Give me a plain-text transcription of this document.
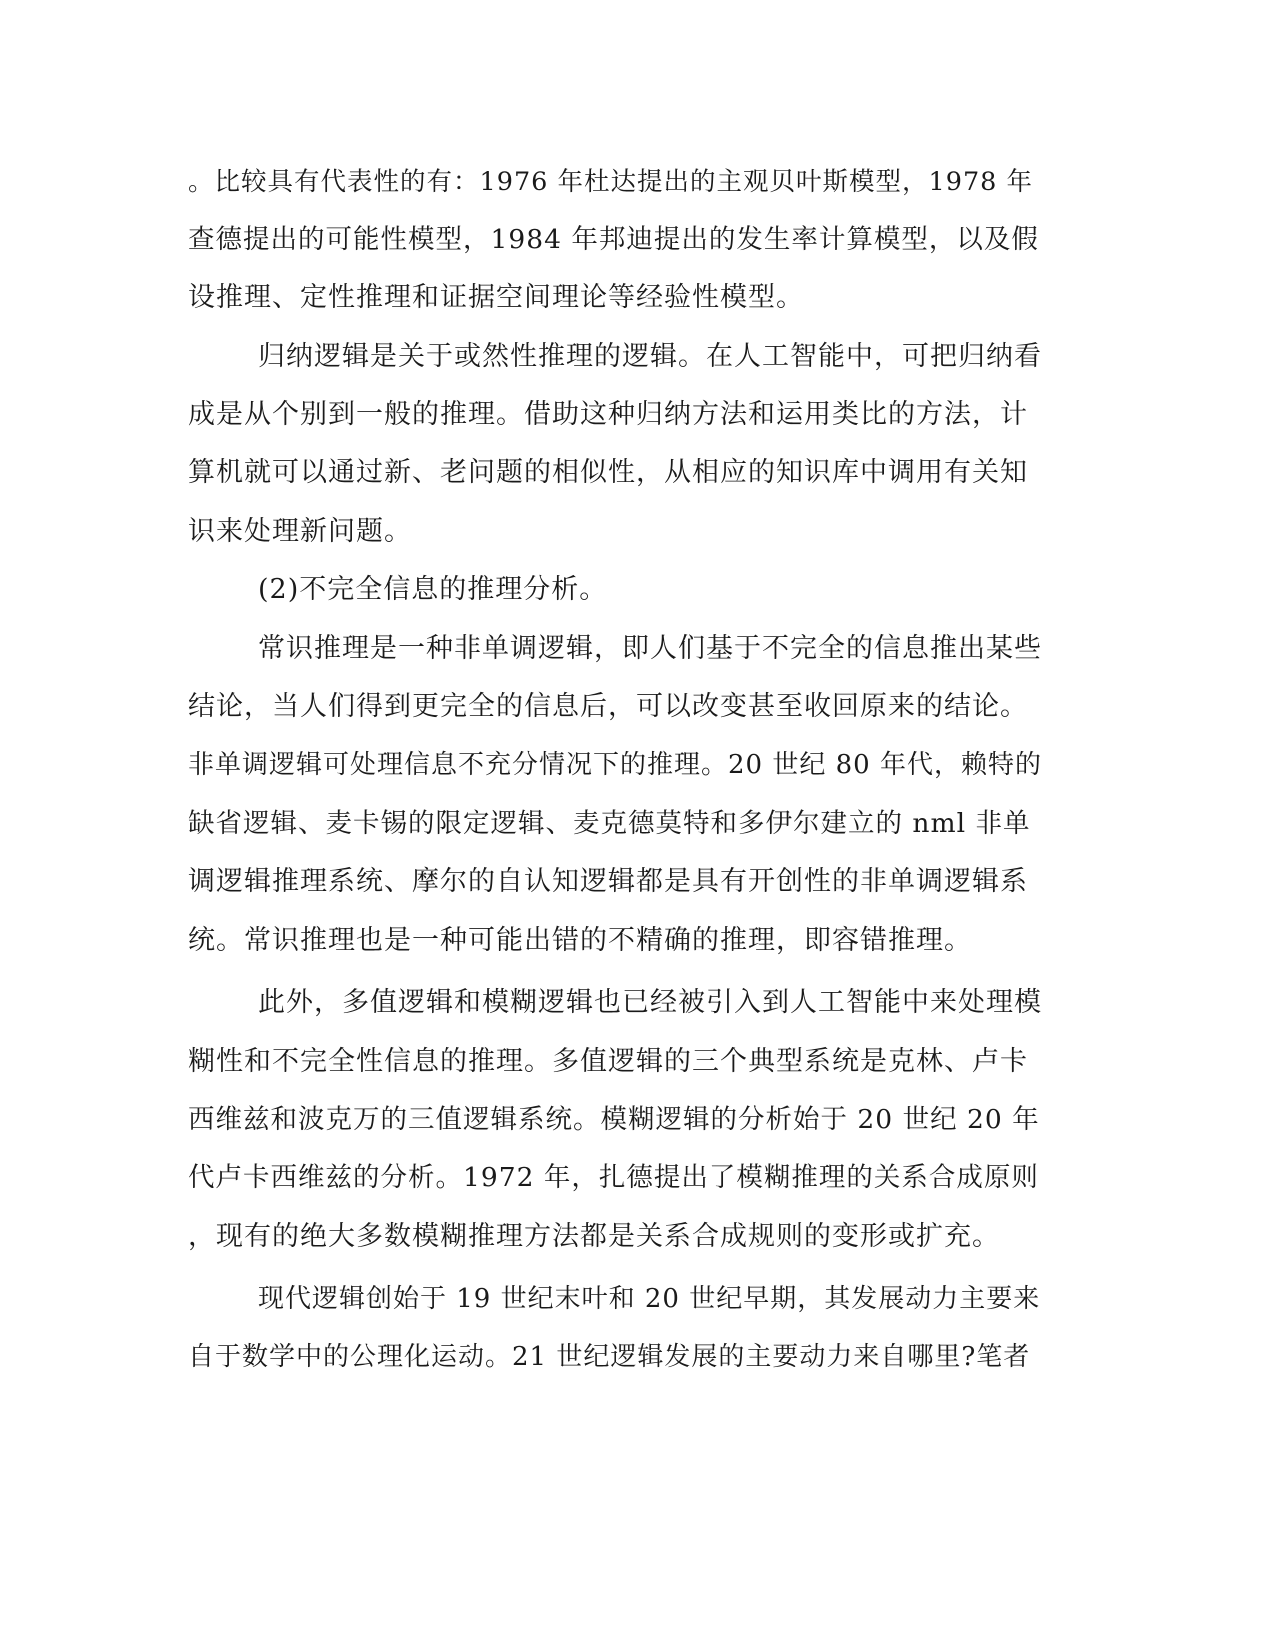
。比较具有代表性的有：1976 年杜达提出的主观贝叶斯模型，1978 年
查德提出的可能性模型，1984 年邦迪提出的发生率计算模型，以及假
设推理、定性推理和证据空间理论等经验性模型。
归纳逻辑是关于或然性推理的逻辑。在人工智能中，可把归纳看
成是从个别到一般的推理。借助这种归纳方法和运用类比的方法，计
算机就可以通过新、老问题的相似性，从相应的知识库中调用有关知
识来处理新问题。
(2)不完全信息的推理分析。
常识推理是一种非单调逻辑，即人们基于不完全的信息推出某些
结论，当人们得到更完全的信息后，可以改变甚至收回原来的结论。
非单调逻辑可处理信息不充分情况下的推理。20 世纪 80 年代，赖特的
缺省逻辑、麦卡锡的限定逻辑、麦克德莫特和多伊尔建立的 nml 非单
调逻辑推理系统、摩尔的自认知逻辑都是具有开创性的非单调逻辑系
统。常识推理也是一种可能出错的不精确的推理，即容错推理。
此外，多值逻辑和模糊逻辑也已经被引入到人工智能中来处理模
糊性和不完全性信息的推理。多值逻辑的三个典型系统是克林、卢卡
西维兹和波克万的三值逻辑系统。模糊逻辑的分析始于 20 世纪 20 年
代卢卡西维兹的分析。1972 年，扎德提出了模糊推理的关系合成原则
，现有的绝大多数模糊推理方法都是关系合成规则的变形或扩充。
现代逻辑创始于 19 世纪末叶和 20 世纪早期，其发展动力主要来
自于数学中的公理化运动。21 世纪逻辑发展的主要动力来自哪里?笔者
